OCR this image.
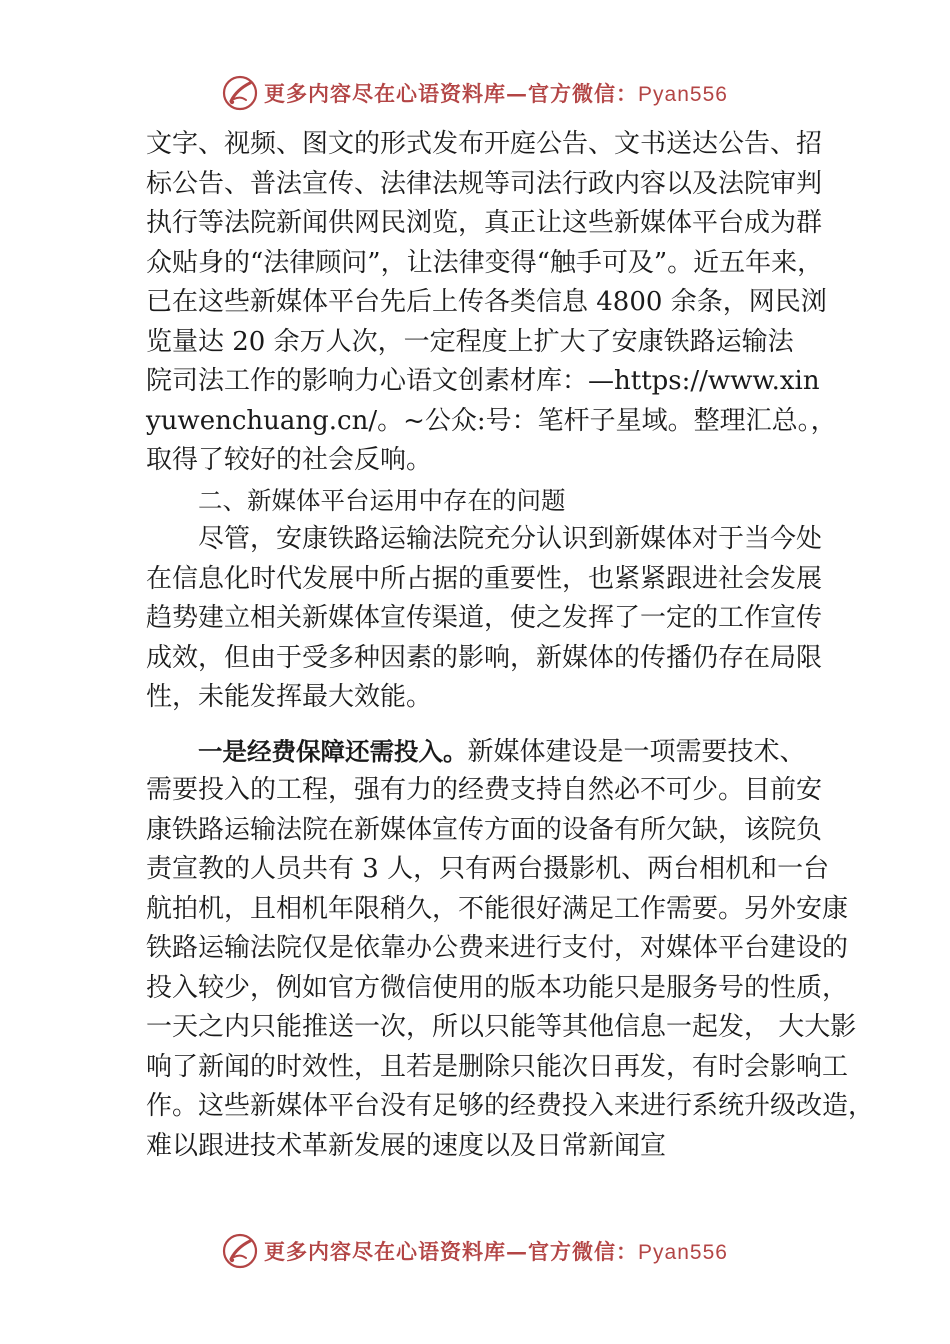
更多内容尽在心语资料库—官方微信：Pyan556
文字、视频、图文的形式发布开庭公告、文书送达公告、招
标公告、普法宣传、法律法规等司法行政内容以及法院审判
执行等法院新闻供网民浏览，真正让这些新媒体平台成为群
众贴身的“法律顾问”，让法律变得“触手可及”。近五年来，
已在这些新媒体平台先后上传各类信息 4800 余条，网民浏
览量达 20 余万人次，一定程度上扩大了安康铁路运输法
院司法工作的影响力心语文创素材库：—https://www.xin
yuwenchuang.cn/。~公众:号：笔杆子星域。整理汇总。，
取得了较好的社会反响。
二、新媒体平台运用中存在的问题
尽管，安康铁路运输法院充分认识到新媒体对于当今处
在信息化时代发展中所占据的重要性，也紧紧跟进社会发展
趋势建立相关新媒体宣传渠道，使之发挥了一定的工作宣传
成效，但由于受多种因素的影响，新媒体的传播仍存在局限
性，未能发挥最大效能。
一是经费保障还需投入。新媒体建设是一项需要技术、
需要投入的工程，强有力的经费支持自然必不可少。目前安
康铁路运输法院在新媒体宣传方面的设备有所欠缺，该院负
责宣教的人员共有 3 人，只有两台摄影机、两台相机和一台
航拍机，且相机年限稍久，不能很好满足工作需要。另外安康
铁路运输法院仅是依靠办公费来进行支付，对媒体平台建设的
投入较少，例如官方微信使用的版本功能只是服务号的性质，
一天之内只能推送一次，所以只能等其他信息一起发， 大大影
响了新闻的时效性，且若是删除只能次日再发，有时会影响工
作。这些新媒体平台没有足够的经费投入来进行系统升级改造，
难以跟进技术革新发展的速度以及日常新闻宣
更多内容尽在心语资料库—官方微信：Pyan556
